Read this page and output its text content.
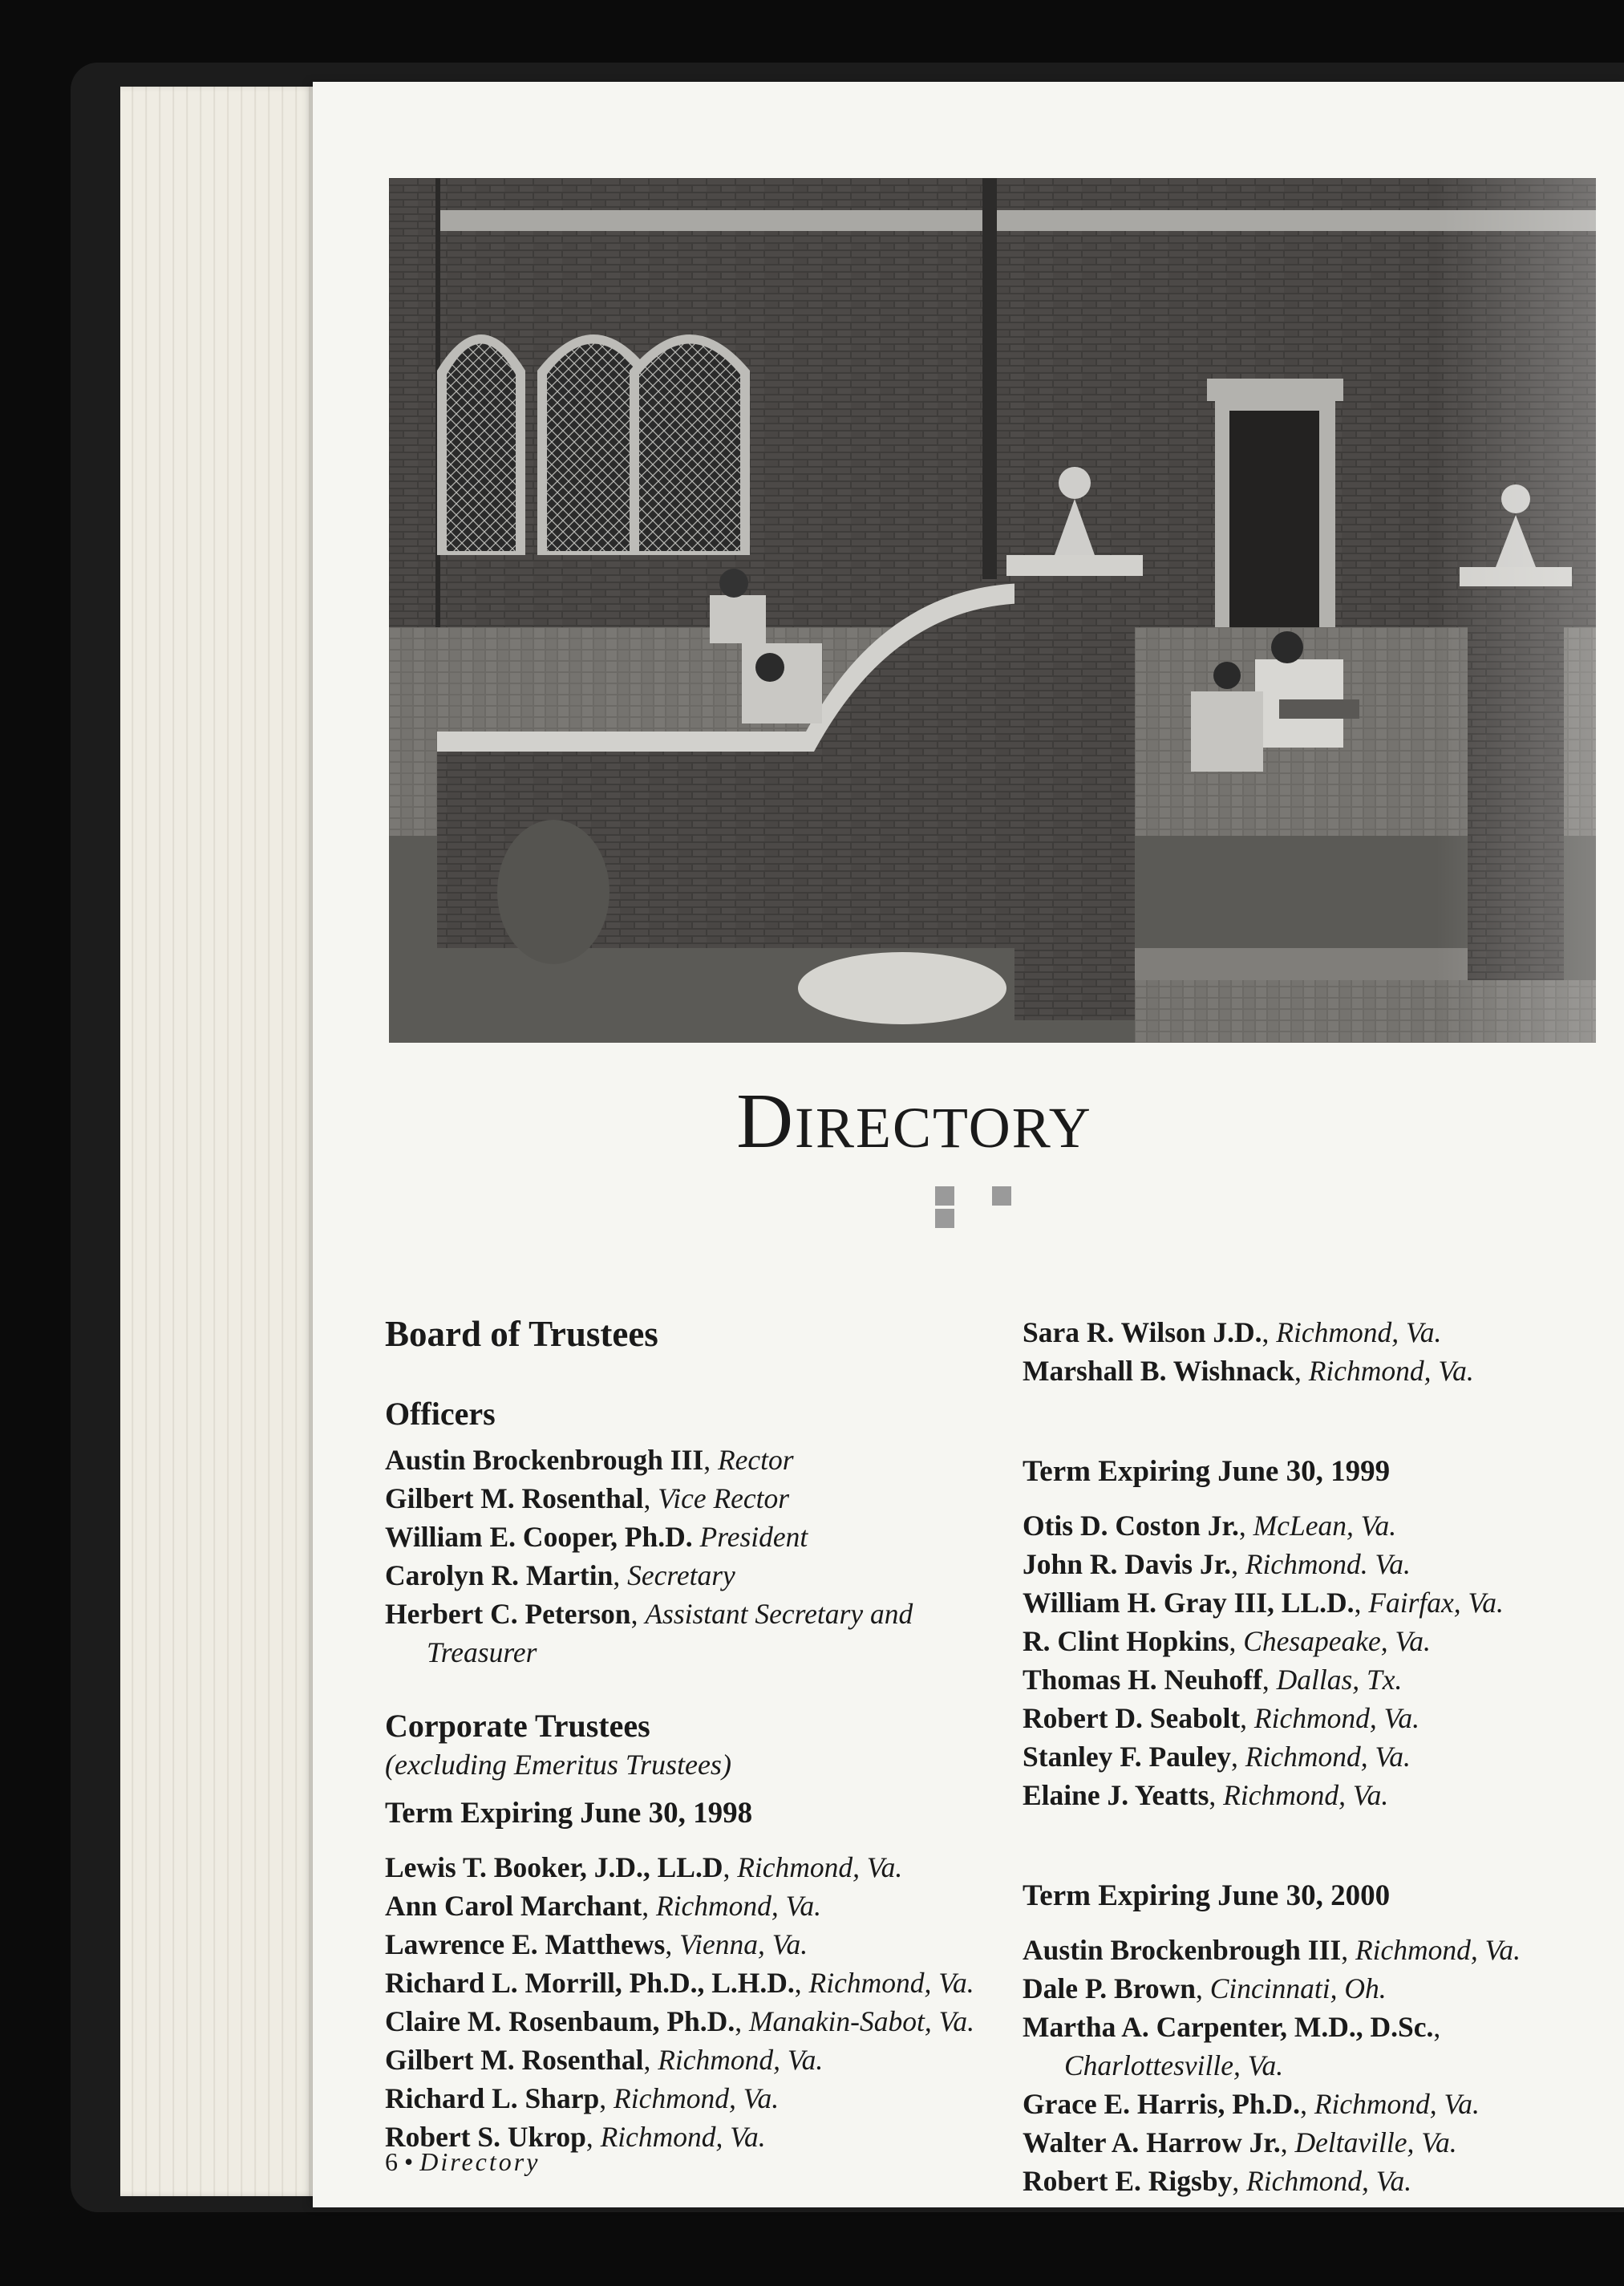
DIRECTORY
Board of Trustees
Officers

Austin Brockenbrough III, Rector

Gilbert M. Rosenthal, Vice Rector

William E. Cooper, Ph.D. President

Carolyn R. Martin, Secretary

Herbert C. Peterson, Assistant Secretary and Treasurer

Corporate Trustees
(excluding Emeritus Trustees)
Term Expiring June 30, 1998

Lewis T. Booker, J.D., LL.D, Richmond, Va.

Ann Carol Marchant, Richmond, Va.

Lawrence E. Matthews, Vienna, Va.

Richard L. Morrill, Ph.D., L.H.D., Richmond, Va.

Claire M. Rosenbaum, Ph.D., Manakin-Sabot, Va.

Gilbert M. Rosenthal, Richmond, Va.

Richard L. Sharp, Richmond, Va.

Robert S. Ukrop, Richmond, Va.

Sara R. Wilson J.D., Richmond, Va.

Marshall B. Wishnack, Richmond, Va.

Term Expiring June 30, 1999

Otis D. Coston Jr., McLean, Va.

John R. Davis Jr., Richmond. Va.

William H. Gray III, LL.D., Fairfax, Va.

R. Clint Hopkins, Chesapeake, Va.

Thomas H. Neuhoff, Dallas, Tx.

Robert D. Seabolt, Richmond, Va.

Stanley F. Pauley, Richmond, Va.

Elaine J. Yeatts, Richmond, Va.

Term Expiring June 30, 2000

Austin Brockenbrough III, Richmond, Va.

Dale P. Brown, Cincinnati, Oh.

Martha A. Carpenter, M.D., D.Sc., Charlottesville, Va.

Grace E. Harris, Ph.D., Richmond, Va.

Walter A. Harrow Jr., Deltaville, Va.

Robert E. Rigsby, Richmond, Va.

6 • Directory
